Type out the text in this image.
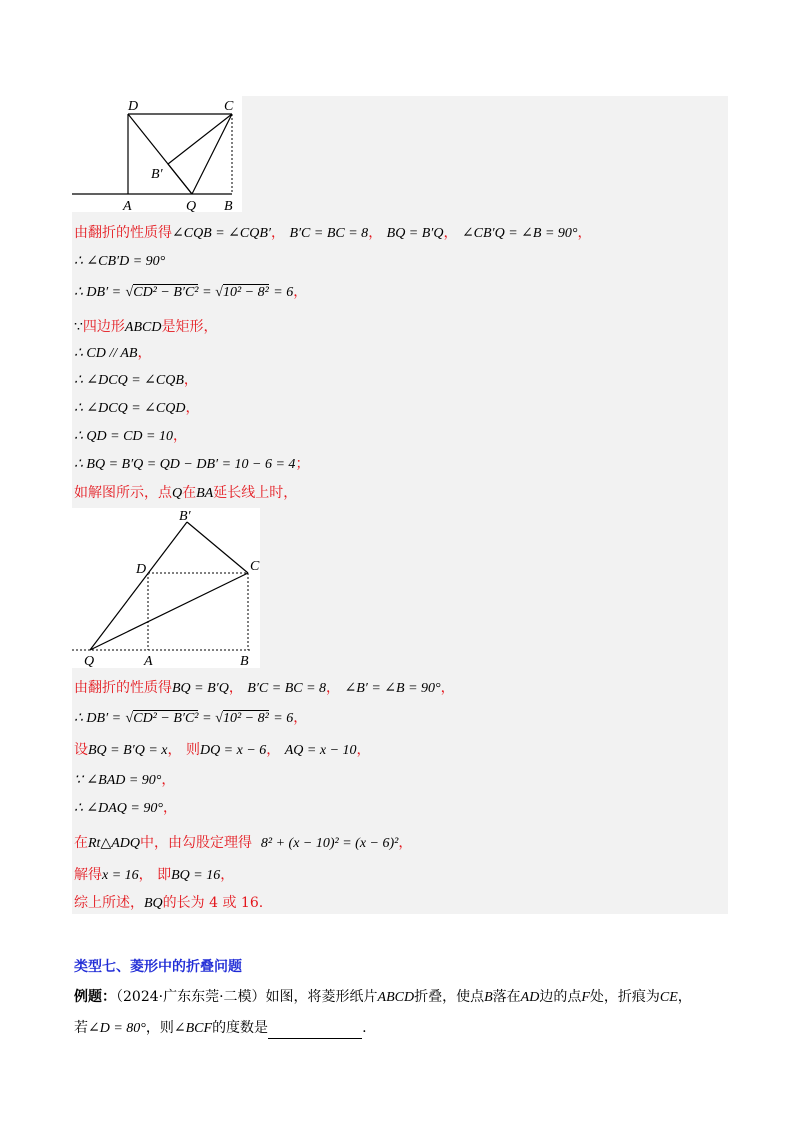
D	C
B′
A	Q B
由翻折的性质得∠CQB = ∠CQB′， B′C = BC = 8， BQ = B′Q， ∠CB′Q = ∠B = 90°，
∴ ∠CB′D = 90°
∴ DB′ = √CD² − B′C² = √10² − 8² = 6，
∵四边形ABCD是矩形，
∴ CD // AB，
∴ ∠DCQ = ∠CQB，
∴ ∠DCQ = ∠CQD，
∴ QD = CD = 10，
∴ BQ = B′Q = QD − DB′ = 10 − 6 = 4；
如解图所示，点Q在BA延长线上时，
B′
D	C
Q	A	B
由翻折的性质得BQ = B′Q， B′C = BC = 8， ∠B′ = ∠B = 90°，
∴ DB′ = √CD² − B′C² = √10² − 8² = 6，
设BQ = B′Q = x， 则DQ = x − 6， AQ = x − 10，
∵ ∠BAD = 90°，
∴ ∠DAQ = 90°，
在Rt△ADQ中，由勾股定理得 8² + (x − 10)² = (x − 6)²，
解得x = 16， 即BQ = 16，
综上所述，BQ的长为 4 或 16.
类型七、菱形中的折叠问题
例题：（2024·广东东莞·二模）如图，将菱形纸片ABCD折叠，使点B落在AD边的点F处，折痕为CE，
若∠D = 80°，则∠BCF的度数是	.
